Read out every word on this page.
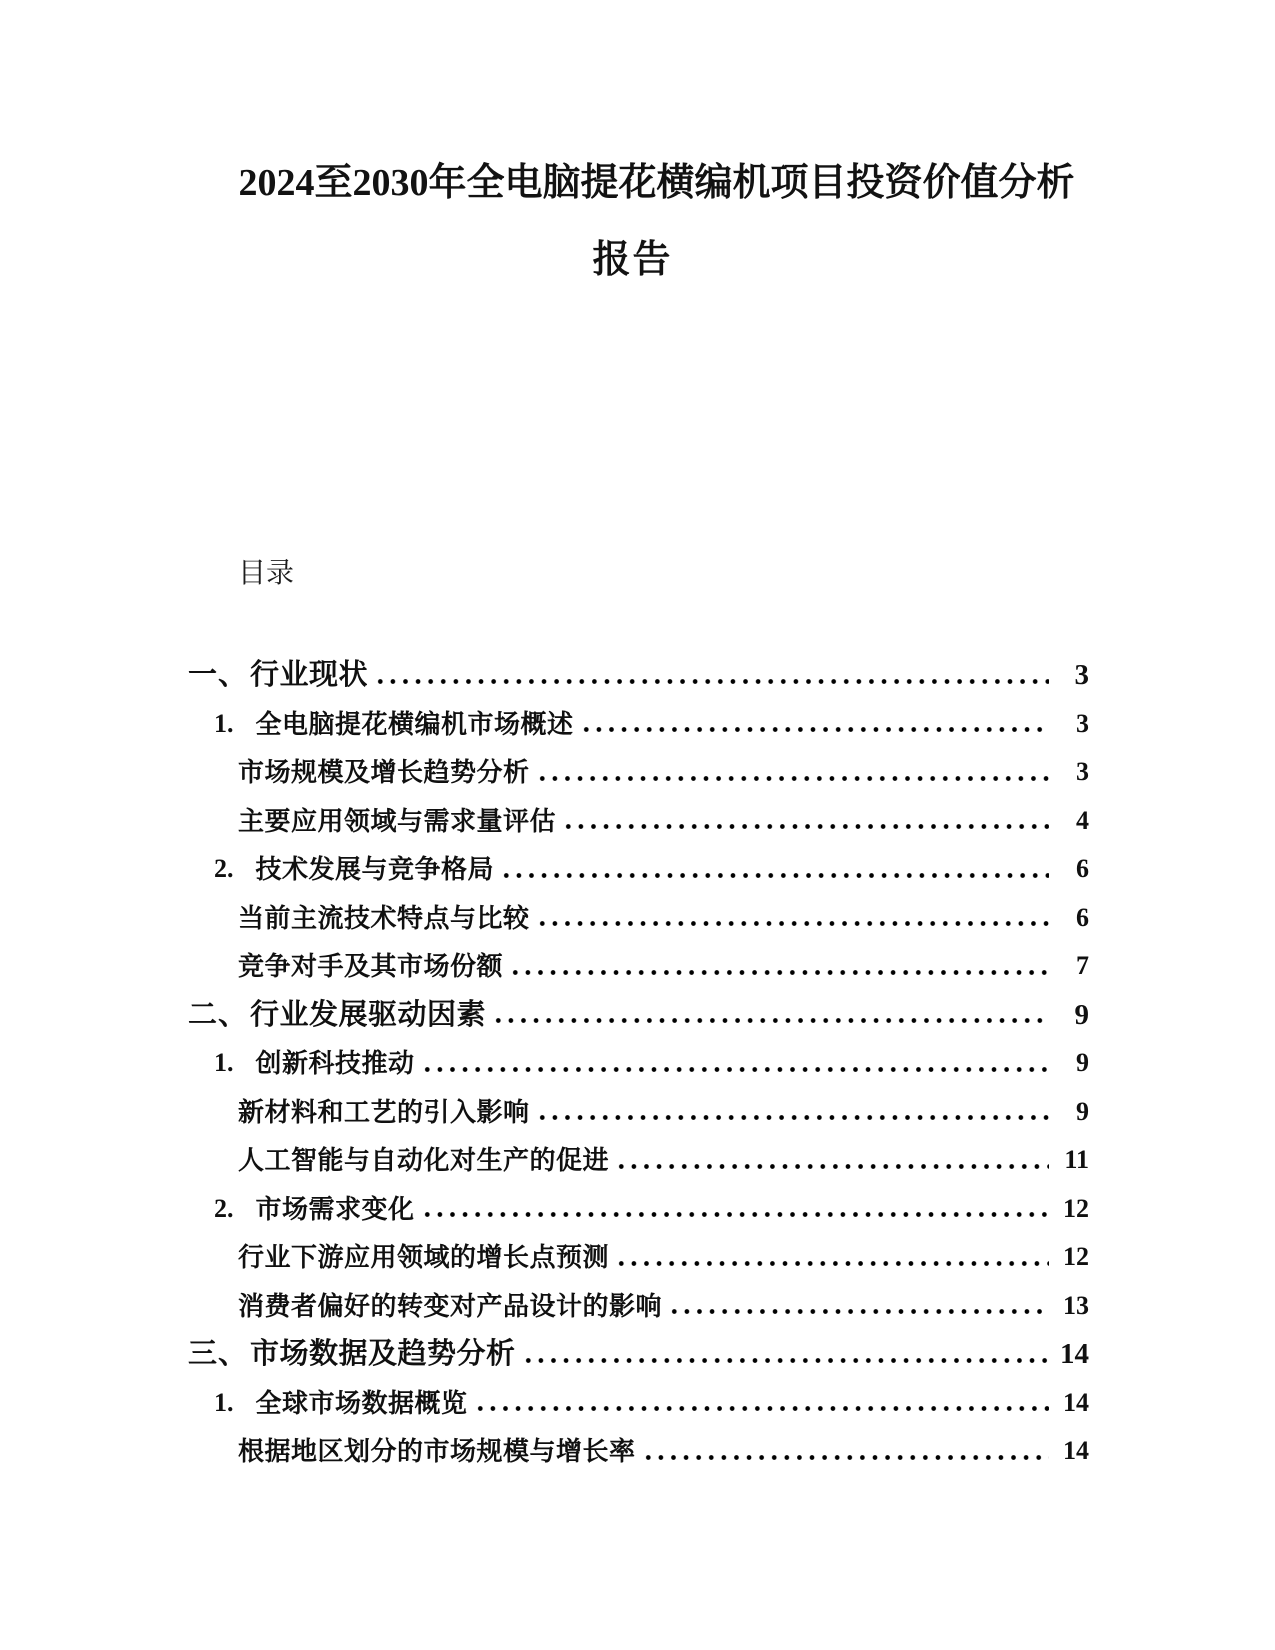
2024至2030年全电脑提花横编机项目投资价值分析
报告
目录
一、 行业现状	3
1. 全电脑提花横编机市场概述	3
市场规模及增长趋势分析	3
主要应用领域与需求量评估	4
2. 技术发展与竞争格局	6
当前主流技术特点与比较	6
竞争对手及其市场份额	7
二、 行业发展驱动因素	9
1. 创新科技推动	9
新材料和工艺的引入影响	9
人工智能与自动化对生产的促进	11
2. 市场需求变化	12
行业下游应用领域的增长点预测	12
消费者偏好的转变对产品设计的影响	13
三、 市场数据及趋势分析	14
1. 全球市场数据概览	14
根据地区划分的市场规模与增长率	14
